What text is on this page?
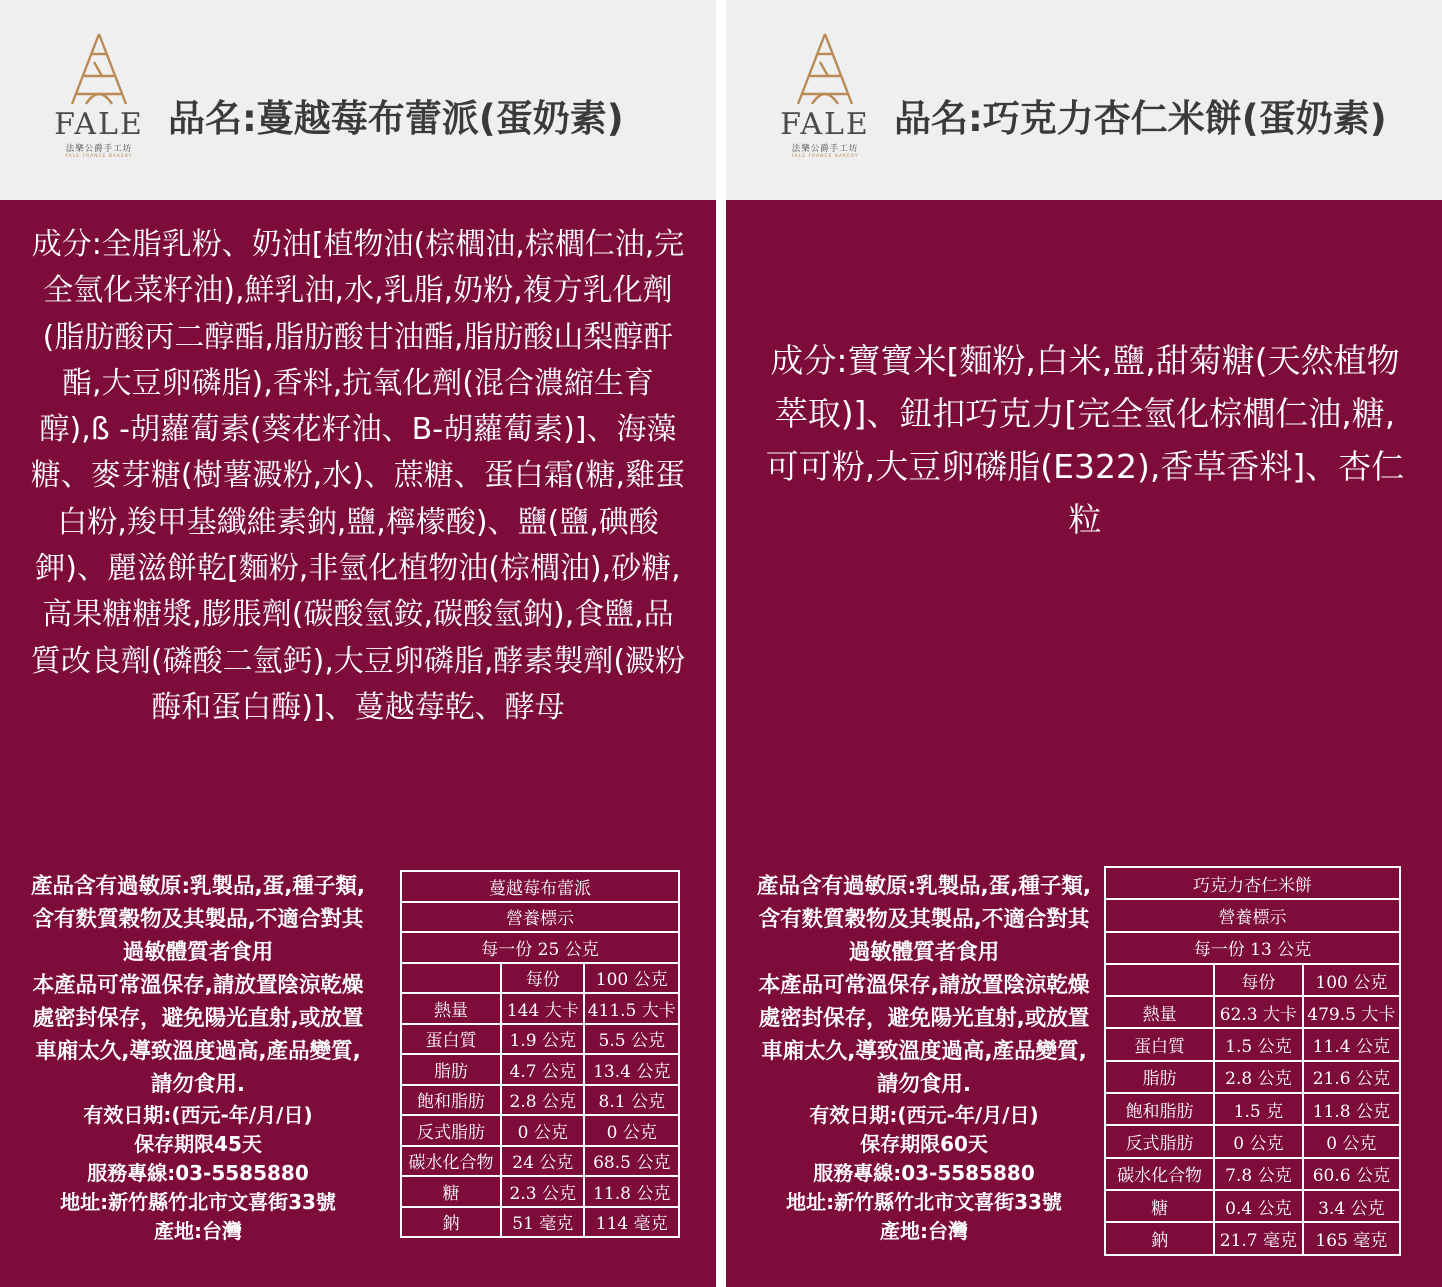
FALE
法樂公爵手工坊
FALE FRANCE BAKERY
品名:蔓越莓布蕾派(蛋奶素)
成分:全脂乳粉、奶油[植物油(棕櫚油,棕櫚仁油,完全氫化菜籽油),鮮乳油,水,乳脂,奶粉,複方乳化劑(脂肪酸丙二醇酯,脂肪酸甘油酯,脂肪酸山梨醇酐酯,大豆卵磷脂),香料,抗氧化劑(混合濃縮生育醇),ß -胡蘿蔔素(葵花籽油、B-胡蘿蔔素)]、海藻糖、麥芽糖(樹薯澱粉,水)、蔗糖、蛋白霜(糖,雞蛋白粉,羧甲基纖維素鈉,鹽,檸檬酸)、鹽(鹽,碘酸鉀)、麗滋餅乾[麵粉,非氫化植物油(棕櫚油),砂糖,高果糖糖漿,膨脹劑(碳酸氫銨,碳酸氫鈉),食鹽,品質改良劑(磷酸二氫鈣),大豆卵磷脂,酵素製劑(澱粉酶和蛋白酶)]、蔓越莓乾、酵母
產品含有過敏原:乳製品,蛋,種子類,含有麩質穀物及其製品,不適合對其過敏體質者食用
本產品可常溫保存,請放置陰涼乾燥處密封保存，避免陽光直射,或放置車廂太久,導致溫度過高,產品變質,請勿食用.
有效日期:(西元-年/月/日)
保存期限45天
服務專線:03-5585880
地址:新竹縣竹北市文喜街33號
產地:台灣
蔓越莓布蕾派		
營養標示		
每一份 25 公克		
	每份	100 公克
熱量	144 大卡	411.5 大卡
蛋白質	1.9 公克	5.5 公克
脂肪	4.7 公克	13.4 公克
飽和脂肪	2.8 公克	8.1 公克
反式脂肪	0 公克	0 公克
碳水化合物	24 公克	68.5 公克
糖	2.3 公克	11.8 公克
鈉	51 毫克	114 毫克
FALE
法樂公爵手工坊
FALE FRANCE BAKERY
品名:巧克力杏仁米餅(蛋奶素)
成分:寶寶米[麵粉,白米,鹽,甜菊糖(天然植物萃取)]、鈕扣巧克力[完全氫化棕櫚仁油,糖,可可粉,大豆卵磷脂(E322),香草香料]、杏仁粒
產品含有過敏原:乳製品,蛋,種子類,含有麩質穀物及其製品,不適合對其過敏體質者食用
本產品可常溫保存,請放置陰涼乾燥處密封保存，避免陽光直射,或放置車廂太久,導致溫度過高,產品變質,請勿食用.
有效日期:(西元-年/月/日)
保存期限60天
服務專線:03-5585880
地址:新竹縣竹北市文喜街33號
產地:台灣
巧克力杏仁米餅		
營養標示		
每一份 13 公克		
	每份	100 公克
熱量	62.3 大卡	479.5 大卡
蛋白質	1.5 公克	11.4 公克
脂肪	2.8 公克	21.6 公克
飽和脂肪	1.5 克	11.8 公克
反式脂肪	0 公克	0 公克
碳水化合物	7.8 公克	60.6 公克
糖	0.4 公克	3.4 公克
鈉	21.7 毫克	165 毫克
